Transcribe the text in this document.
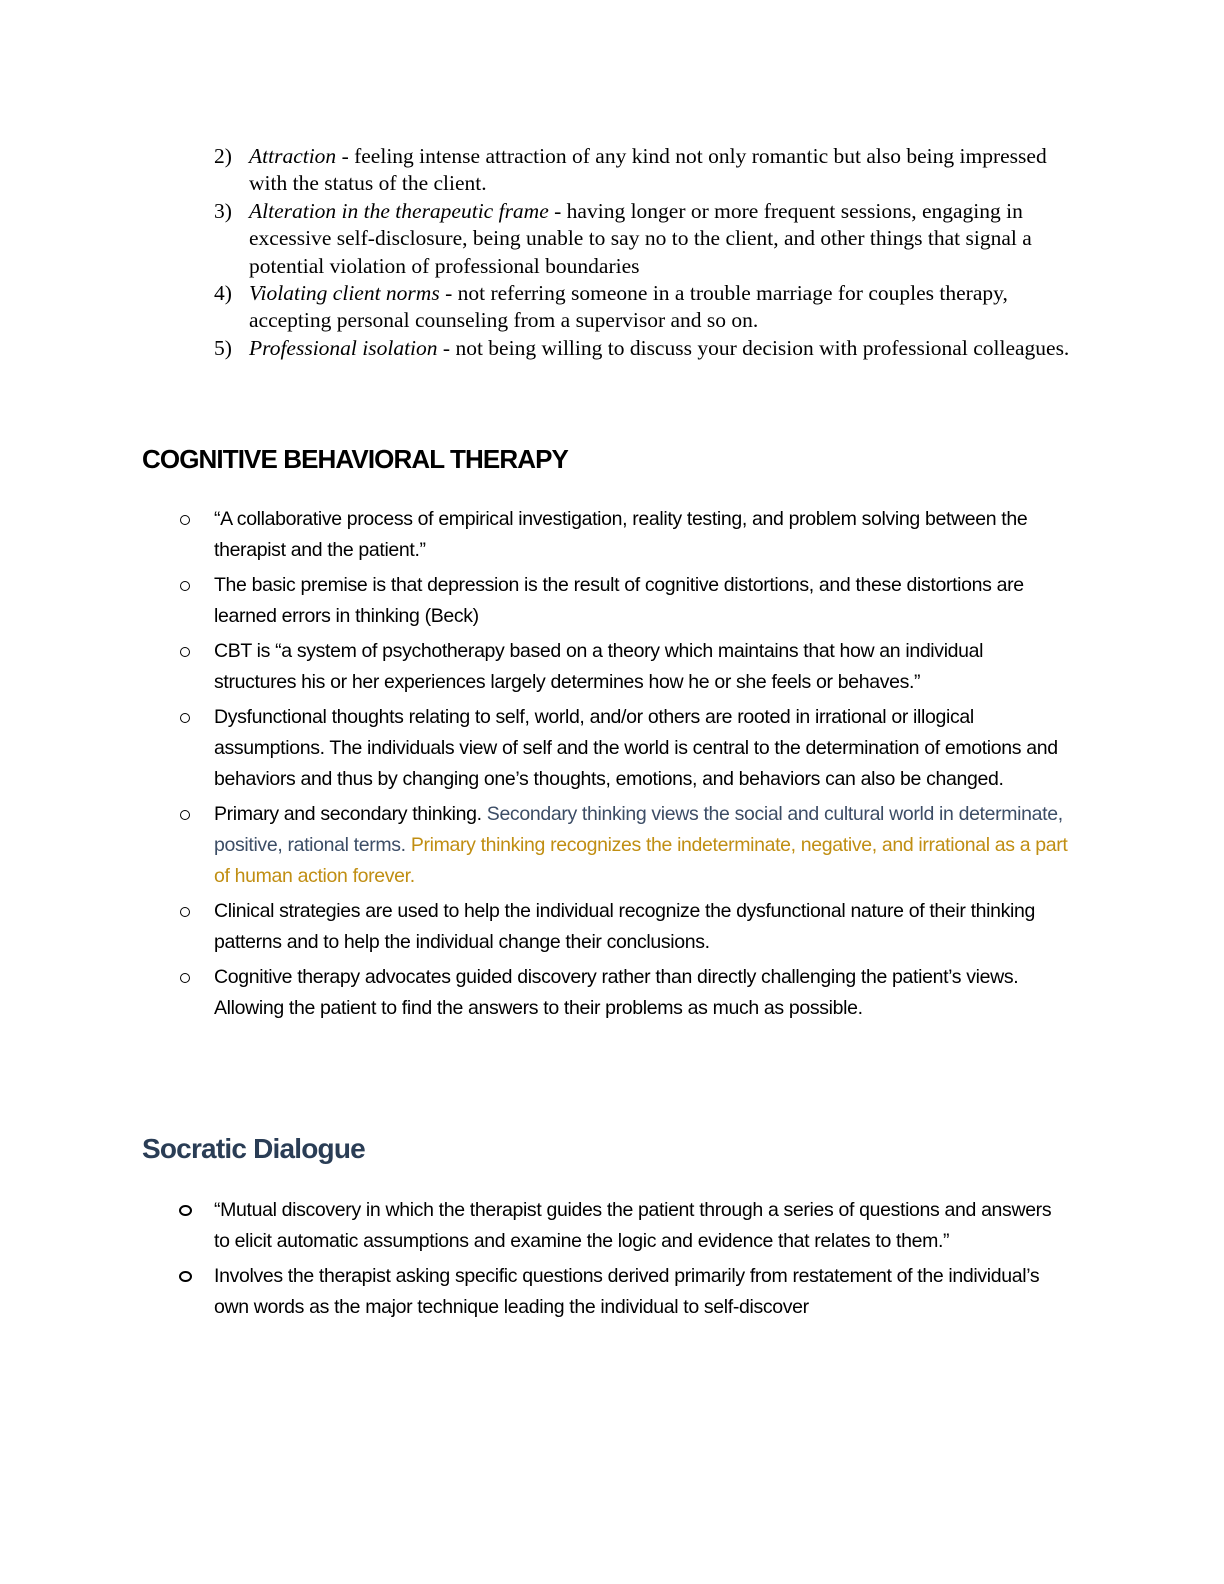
2) Attraction - feeling intense attraction of any kind not only romantic but also being impressed with the status of the client.
3) Alteration in the therapeutic frame - having longer or more frequent sessions, engaging in excessive self-disclosure, being unable to say no to the client, and other things that signal a potential violation of professional boundaries
4) Violating client norms - not referring someone in a trouble marriage for couples therapy, accepting personal counseling from a supervisor and so on.
5) Professional isolation - not being willing to discuss your decision with professional colleagues.
COGNITIVE BEHAVIORAL THERAPY
“A collaborative process of empirical investigation, reality testing, and problem solving between the therapist and the patient.”
The basic premise is that depression is the result of cognitive distortions, and these distortions are learned errors in thinking (Beck)
CBT is “a system of psychotherapy based on a theory which maintains that how an individual structures his or her experiences largely determines how he or she feels or behaves.”
Dysfunctional thoughts relating to self, world, and/or others are rooted in irrational or illogical assumptions. The individuals view of self and the world is central to the determination of emotions and behaviors and thus by changing one’s thoughts, emotions, and behaviors can also be changed.
Primary and secondary thinking. Secondary thinking views the social and cultural world in determinate, positive, rational terms. Primary thinking recognizes the indeterminate, negative, and irrational as a part of human action forever.
Clinical strategies are used to help the individual recognize the dysfunctional nature of their thinking patterns and to help the individual change their conclusions.
Cognitive therapy advocates guided discovery rather than directly challenging the patient’s views. Allowing the patient to find the answers to their problems as much as possible.
Socratic Dialogue
“Mutual discovery in which the therapist guides the patient through a series of questions and answers to elicit automatic assumptions and examine the logic and evidence that relates to them.”
Involves the therapist asking specific questions derived primarily from restatement of the individual’s own words as the major technique leading the individual to self-discover
